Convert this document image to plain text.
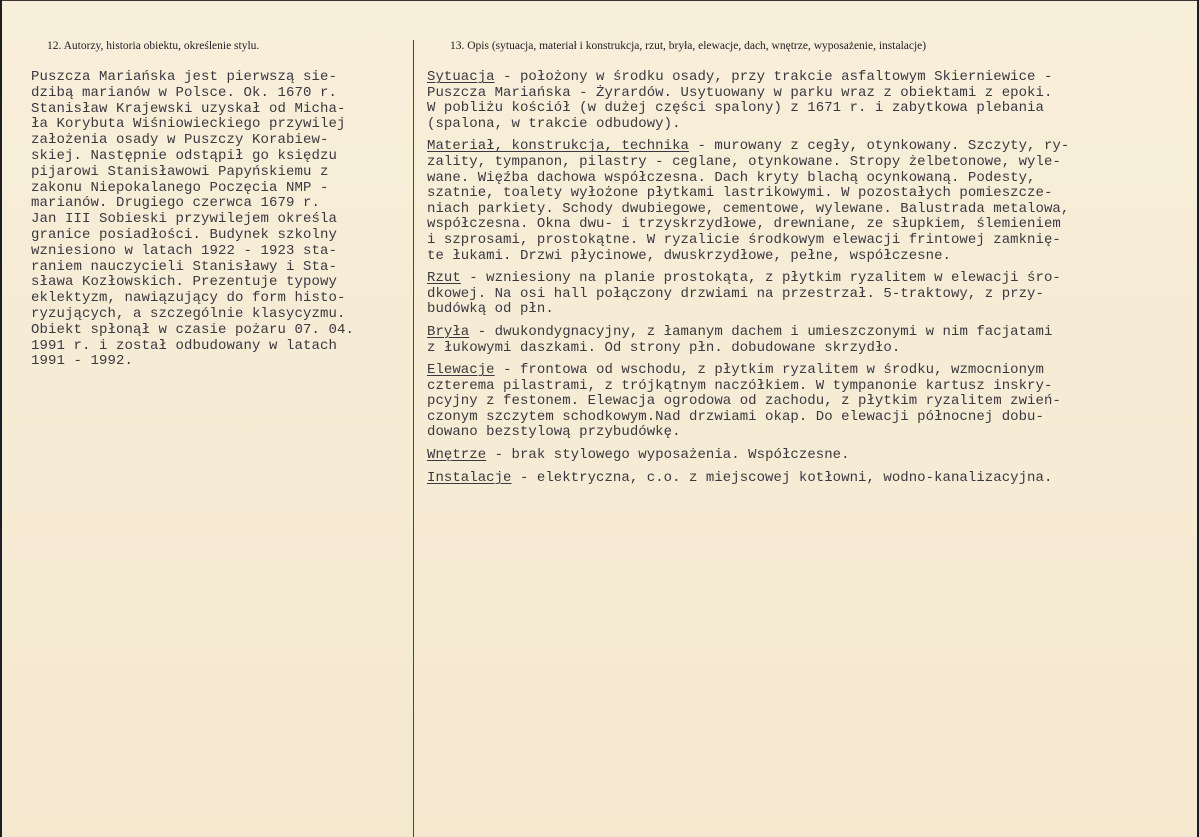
12. Autorzy, historia obiektu, określenie stylu.	13. Opis (sytuacja, materiał i konstrukcja, rzut, bryła, elewacje, dach, wnętrze, wyposażenie, instalacje)
Puszcza Mariańska jest pierwszą sie-
dzibą marianów w Polsce. Ok. 1670 r.
Stanisław Krajewski uzyskał od Micha-
ła Korybuta Wiśniowieckiego przywilej
założenia osady w Puszczy Korabiew-
skiej. Następnie odstąpił go księdzu
pijarowi Stanisławowi Papyńskiemu z
zakonu Niepokalanego Poczęcia NMP -
marianów. Drugiego czerwca 1679 r.
Jan III Sobieski przywilejem określa
granice posiadłości. Budynek szkolny
wzniesiono w latach 1922 - 1923 sta-
raniem nauczycieli Stanisławy i Sta-
sława Kozłowskich. Prezentuje typowy
eklektyzm, nawiązujący do form histo-
ryzujących, a szczególnie klasycyzmu.
Obiekt spłonął w czasie pożaru 07. 04.
1991 r. i został odbudowany w latach
1991 - 1992.
Sytuacja - położony w środku osady, przy trakcie asfaltowym Skierniewice -
Puszcza Mariańska - Żyrardów. Usytuowany w parku wraz z obiektami z epoki.
W pobliżu kościół (w dużej części spalony) z 1671 r. i zabytkowa plebania
(spalona, w trakcie odbudowy).
Materiał, konstrukcja, technika - murowany z cegły, otynkowany. Szczyty, ry-
zality, tympanon, pilastry - ceglane, otynkowane. Stropy żelbetonowe, wyle-
wane. Więźba dachowa współczesna. Dach kryty blachą ocynkowaną. Podesty,
szatnie, toalety wyłożone płytkami lastrikowymi. W pozostałych pomieszcze-
niach parkiety. Schody dwubiegowe, cementowe, wylewane. Balustrada metalowa,
współczesna. Okna dwu- i trzyskrzydłowe, drewniane, ze słupkiem, ślemieniem
i szprosami, prostokątne. W ryzalicie środkowym elewacji frintowej zamknię-
te łukami. Drzwi płycinowe, dwuskrzydłowe, pełne, współczesne.
Rzut - wzniesiony na planie prostokąta, z płytkim ryzalitem w elewacji śro-
dkowej. Na osi hall połączony drzwiami na przestrzał. 5-traktowy, z przy-
budówką od płn.
Bryła - dwukondygnacyjny, z łamanym dachem i umieszczonymi w nim facjatami
z łukowymi daszkami. Od strony płn. dobudowane skrzydło.
Elewacje - frontowa od wschodu, z płytkim ryzalitem w środku, wzmocnionym
czterema pilastrami, z trójkątnym naczółkiem. W tympanonie kartusz inskry-
pcyjny z festonem. Elewacja ogrodowa od zachodu, z płytkim ryzalitem zwień-
czonym szczytem schodkowym.Nad drzwiami okap. Do elewacji północnej dobu-
dowano bezstylową przybudówkę.
Wnętrze - brak stylowego wyposażenia. Współczesne.
Instalacje - elektryczna, c.o. z miejscowej kotłowni, wodno-kanalizacyjna.
